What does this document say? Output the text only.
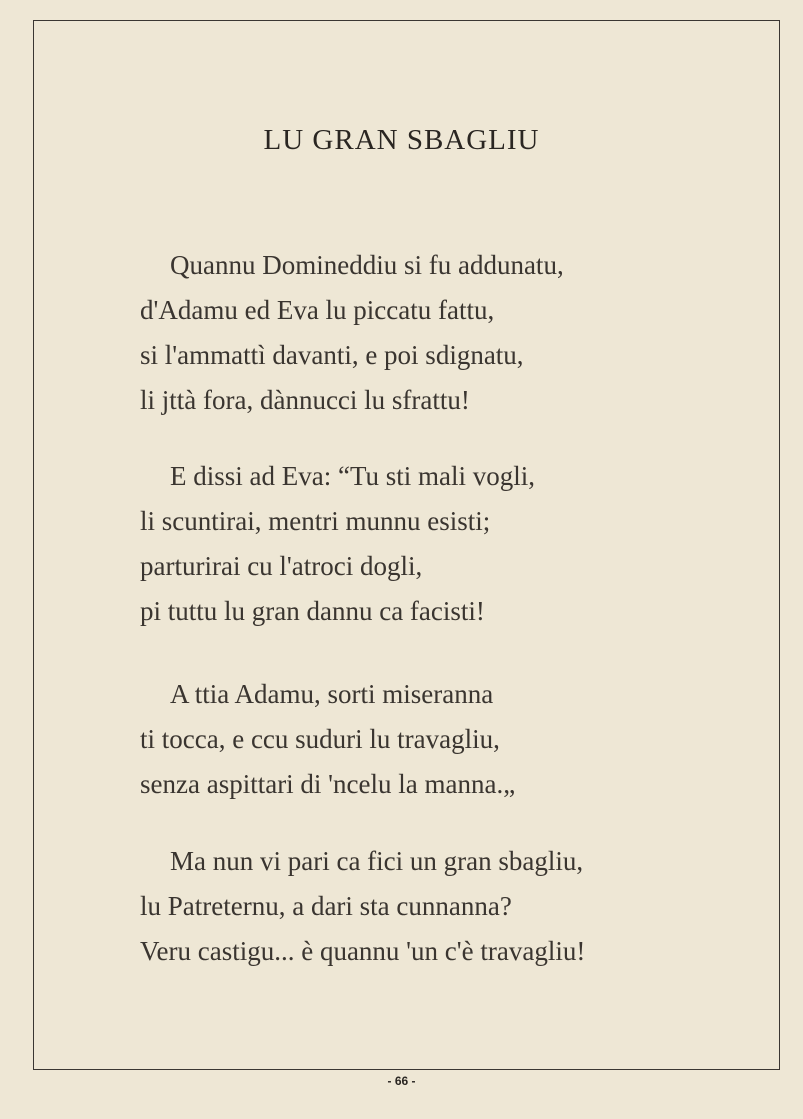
LU GRAN SBAGLIU
Quannu Domineddiu si fu addunatu,
d'Adamu ed Eva lu piccatu fattu,
si l'ammattì davanti, e poi sdignatu,
li jttà fora, dànnucci lu sfrattu!
E dissi ad Eva: “Tu sti mali vogli,
li scuntirai, mentri munnu esisti;
parturirai cu l'atroci dogli,
pi tuttu lu gran dannu ca facisti!
A ttia Adamu, sorti miseranna
ti tocca, e ccu suduri lu travagliu,
senza aspittari di 'ncelu la manna.„
Ma nun vi pari ca fici un gran sbagliu,
lu Patreternu, a dari sta cunnanna?
Veru castigu... è quannu 'un c'è travagliu!
- 66 -
